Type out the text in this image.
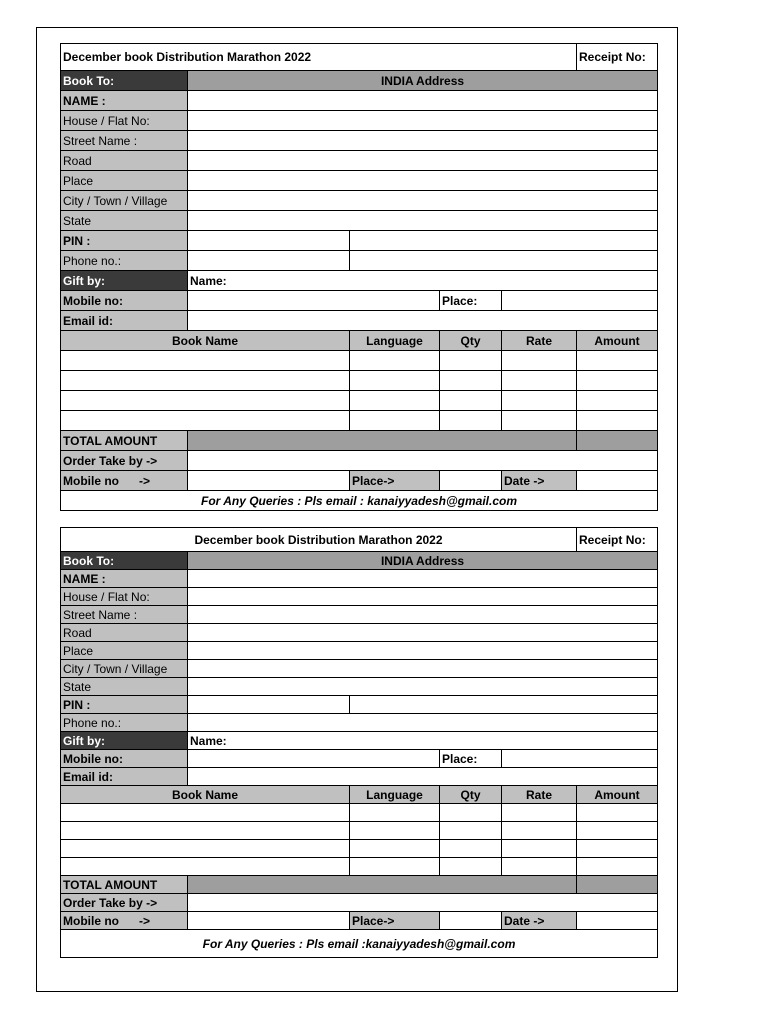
December book Distribution Marathon 2022					Receipt No:
Book To:	INDIA Address				
NAME :					
House / Flat No:					
Street Name :					
Road					
Place					
City / Town / Village					
State					
PIN :					
Phone no.:					
Gift by:	Name:				
Mobile no:			Place:		
Email id:					
Book Name		Language	Qty	Rate	Amount

TOTAL AMOUNT					
Order Take by ->					
Mobile no      ->		Place->		Date ->	
For Any Queries : Pls email : kanaiyyadesh@gmail.com					
December book Distribution Marathon 2022					Receipt No:
Book To:	INDIA Address				
NAME :					
House / Flat No:					
Street Name :					
Road					
Place					
City / Town / Village					
State					
PIN :					
Phone no.:					
Gift by:	Name:				
Mobile no:			Place:		
Email id:					
Book Name		Language	Qty	Rate	Amount

TOTAL AMOUNT					
Order Take by ->					
Mobile no      ->		Place->		Date ->	
For Any Queries : Pls email :kanaiyyadesh@gmail.com					
